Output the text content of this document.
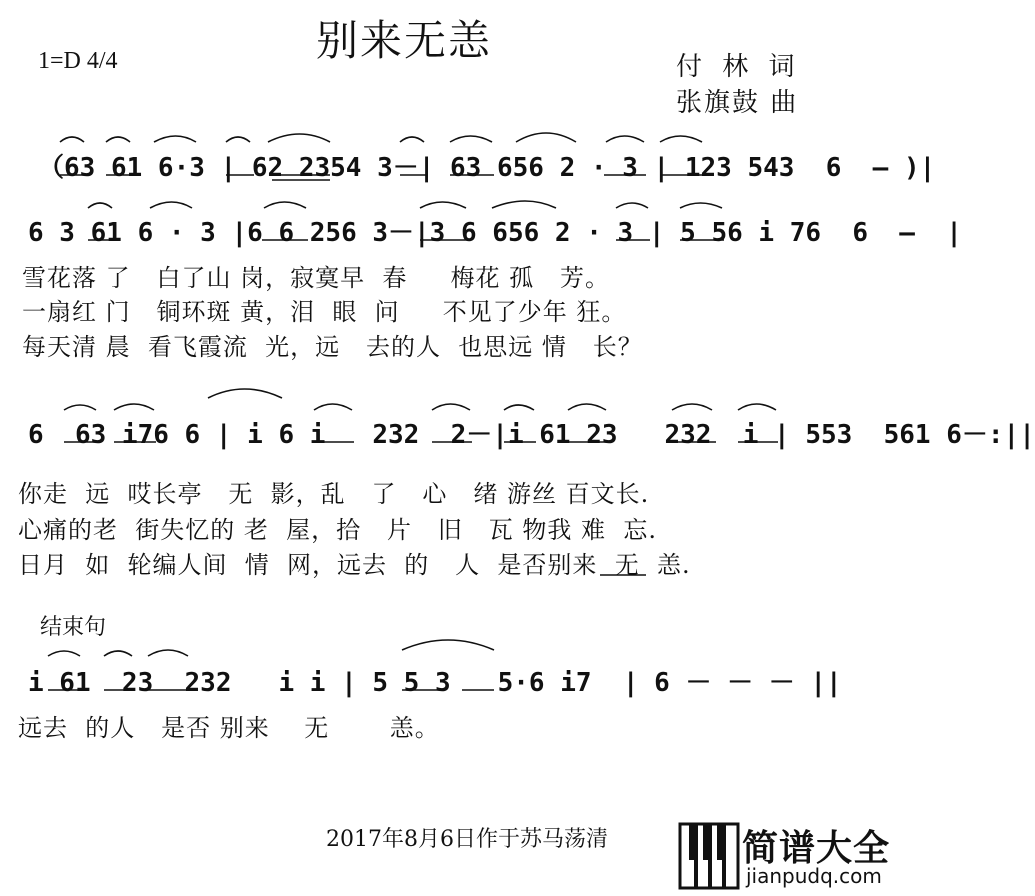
别来无恙
1=D 4/4	付 林 词
张旗鼓 曲
（63 61 6·3 | 62 2354 3－| 63 656 2 · 3 | 123 543  6  — )|
6 3 61 6 · 3 |6 6 256 3－|3 6 656 2 · 3 | 5 56 i 76  6  —  |
雪花落 了   白了山 岗，寂寞早  春     梅花 孤   芳。
一扇红 门   铜环斑 黄，泪  眼  问     不见了少年 狂。
每天清 晨  看飞霞流  光，远   去的人  也思远 情   长？
6  63 i76 6 | i 6 i   232  2－|i 61 23   232  i | 553  561 6－:||
你走  远  哎长亭   无  影，乱   了   心   绪 游丝 百文长.
心痛的老  街失忆的 老  屋，拾   片   旧   瓦 物我 难  忘.
日月  如  轮编人间  情  网，远去  的   人  是否别来  无  恙.
结束句
i 61  23  232   i i | 5 5 3   5·6 i7  | 6 － － － ||
远去  的人   是否 别来    无       恙。
2017年8月6日作于苏马荡清

	简谱大全

jianpudq.com
